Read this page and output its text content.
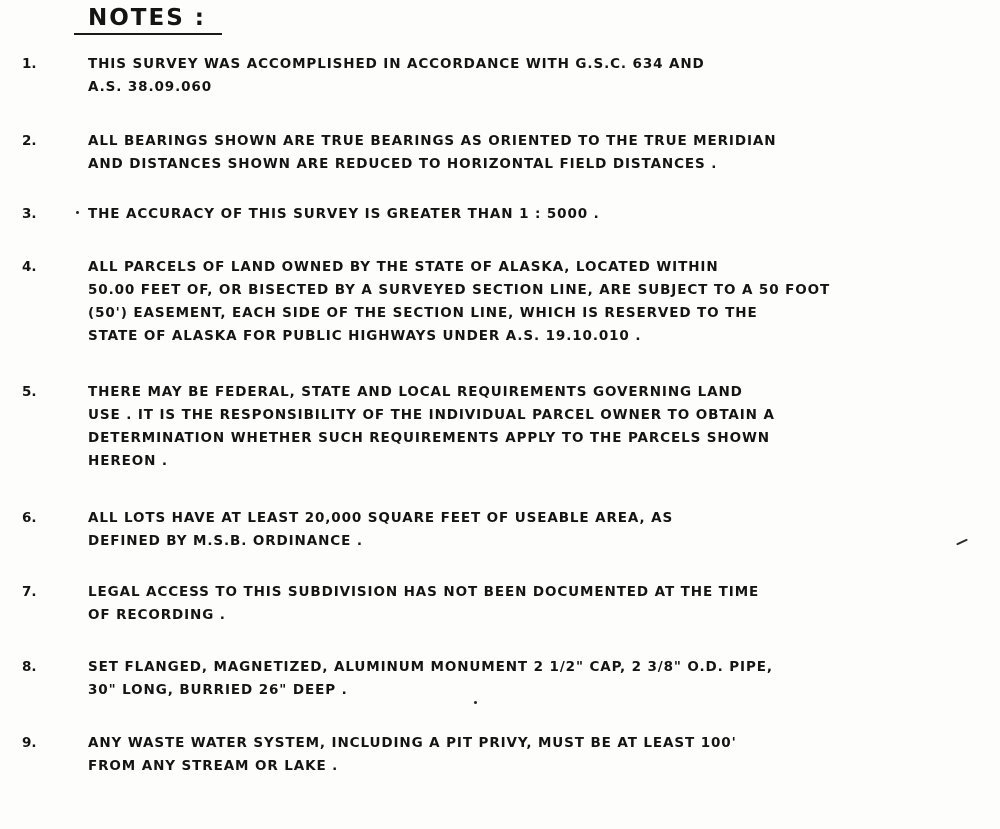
NOTES :
1.	THIS SURVEY WAS ACCOMPLISHED IN ACCORDANCE WITH G.S.C. 634 AND
A.S. 38.09.060
2.	ALL BEARINGS SHOWN ARE TRUE BEARINGS AS ORIENTED TO THE TRUE MERIDIAN
AND DISTANCES SHOWN ARE REDUCED TO HORIZONTAL FIELD DISTANCES .
3.	THE ACCURACY OF THIS SURVEY IS GREATER THAN 1 : 5000 .
4.	ALL PARCELS OF LAND OWNED BY THE STATE OF ALASKA, LOCATED WITHIN
50.00 FEET OF, OR BISECTED BY A SURVEYED SECTION LINE, ARE SUBJECT TO A 50 FOOT
(50') EASEMENT, EACH SIDE OF THE SECTION LINE, WHICH IS RESERVED TO THE
STATE OF ALASKA FOR PUBLIC HIGHWAYS UNDER A.S. 19.10.010 .
5.	THERE MAY BE FEDERAL, STATE AND LOCAL REQUIREMENTS GOVERNING LAND
USE . IT IS THE RESPONSIBILITY OF THE INDIVIDUAL PARCEL OWNER TO OBTAIN A
DETERMINATION WHETHER SUCH REQUIREMENTS APPLY TO THE PARCELS SHOWN
HEREON .
6.	ALL LOTS HAVE AT LEAST 20,000 SQUARE FEET OF USEABLE AREA, AS
DEFINED BY M.S.B. ORDINANCE .
7.	LEGAL ACCESS TO THIS SUBDIVISION HAS NOT BEEN DOCUMENTED AT THE TIME
OF RECORDING .
8.	SET FLANGED, MAGNETIZED, ALUMINUM MONUMENT 2 1/2" CAP, 2 3/8" O.D. PIPE,
30" LONG, BURRIED 26" DEEP .
9.	ANY WASTE WATER SYSTEM, INCLUDING A PIT PRIVY, MUST BE AT LEAST 100'
FROM ANY STREAM OR LAKE .
